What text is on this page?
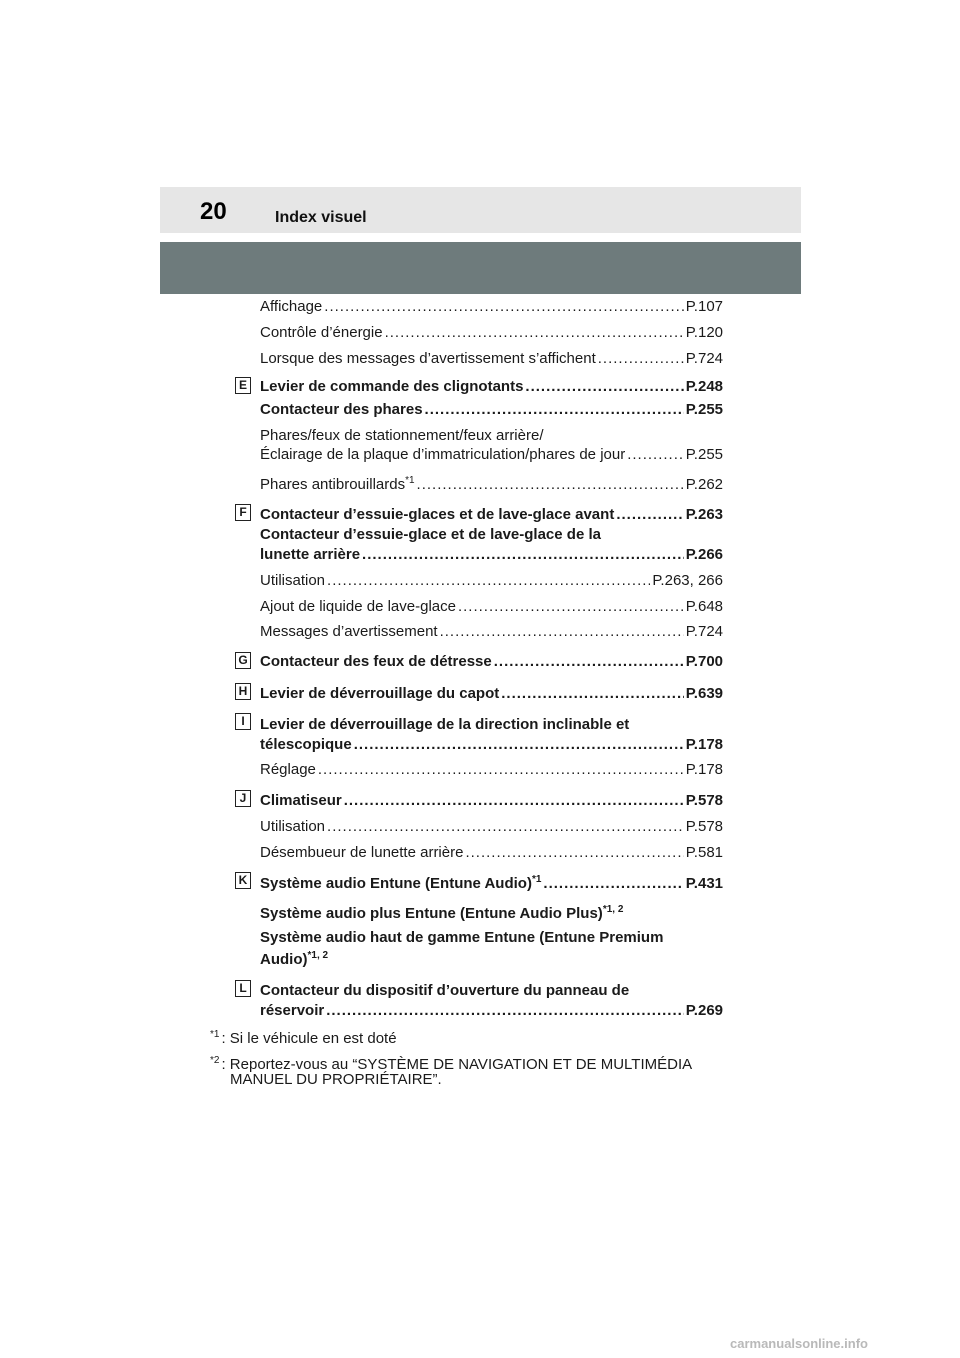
20	Index visuel
Affichage .....	P.107
Contrôle d’énergie .....	P.120
Lorsque des messages d’avertissement s’affichent .....	P.724
E Levier de commande des clignotants .....	P.248
Contacteur des phares .....	P.255
Phares/feux de stationnement/feux arrière/
Éclairage de la plaque d’immatriculation/phares de jour .....	P.255
Phares antibrouillards$^{*1}$ .....	P.262
F Contacteur d’essuie-glaces et de lave-glace avant .....	P.263
Contacteur d’essuie-glace et de lave-glace de la
lunette arrière .....	P.266
Utilisation .....	P.263, 266
Ajout de liquide de lave-glace .....	P.648
Messages d’avertissement .....	P.724
G Contacteur des feux de détresse .....	P.700
H Levier de déverrouillage du capot .....	P.639
I	Levier de déverrouillage de la direction inclinable et
télescopique .....	P.178
Réglage .....	P.178
J Climatiseur .....	P.578
Utilisation .....	P.578
Désembueur de lunette arrière .....	P.581
K Système audio Entune (Entune Audio)$^{*1}$ .....	P.431
Système audio plus Entune (Entune Audio Plus)$^{*1, 2}$
Système audio haut de gamme Entune (Entune Premium
Audio)$^{*1, 2}$
L Contacteur du dispositif d’ouverture du panneau de
réservoir .....	P.269
$^{*1}$ : Si le véhicule en est doté
$^{*2}$ : Reportez-vous au “SYSTÈME DE NAVIGATION ET DE MULTIMÉDIA
MANUEL DU PROPRIÉTAIRE”.
carmanualsonline.info
